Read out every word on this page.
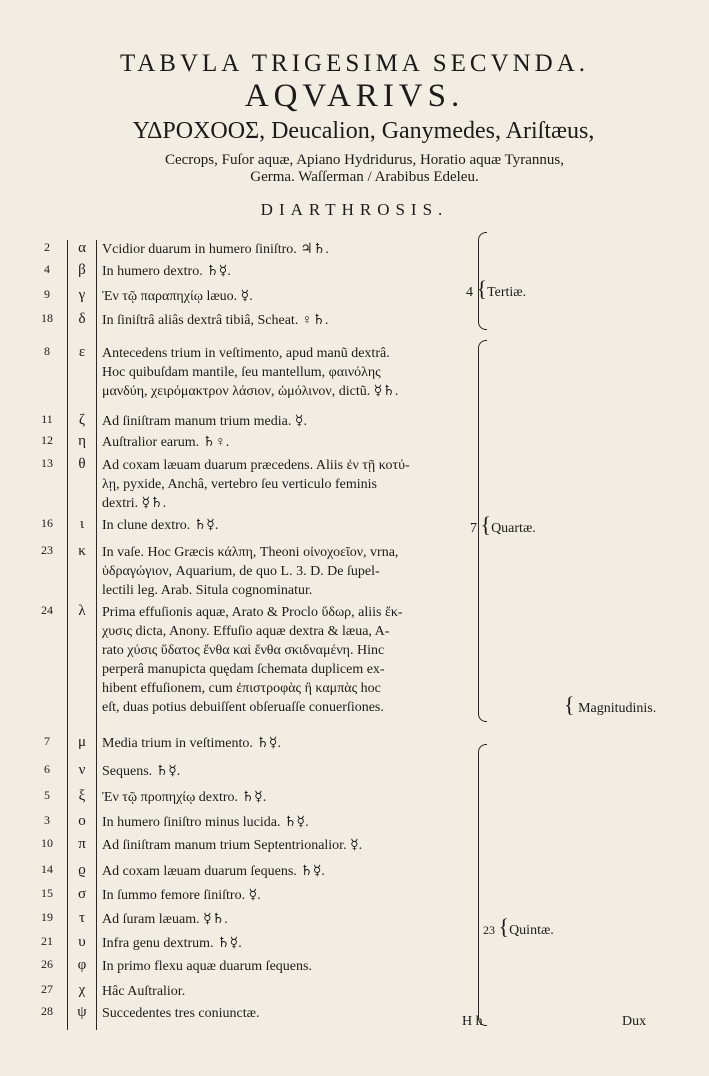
TABVLA TRIGESIMA SECVNDA.
AQVARIVS.
ΥΔΡΟΧΟΟΣ, Deucalion, Ganymedes, Ariſtæus,
Cecrops, Fuſor aquæ, Apiano Hydridurus, Horatio aquæ Tyrannus,
Germa. Waſſerman / Arabibus Edeleu.
DIARTHROSIS.
2	α	Vcidior duarum in humero ſiniſtro. ♃♄.
4	β	In humero dextro. ♄☿.
9	γ	Ἐν τῷ παραπηχίῳ læuo. ☿.
18	δ	In ſiniſtrâ aliâs dextrâ tibiâ, Scheat. ♀♄.
8	ε	Antecedens trium in veſtimento, apud manũ dextrâ.
Hoc quibuſdam mantile, ſeu mantellum, φαινόλης
μανδύη, χειρόμακτρον λάσιον, ὠμόλινον, dictũ. ☿♄.
11	ζ	Ad ſiniſtram manum trium media. ☿.
12	η	Auſtralior earum. ♄♀.
13	θ	Ad coxam læuam duarum præcedens. Aliis ἐν τῇ κοτύ-
λῃ, pyxide, Anchâ, vertebro ſeu verticulo feminis
dextri. ☿♄.
16	ι	In clune dextro. ♄☿.
23	κ	In vaſe. Hoc Græcis κάλπη, Theoni οἰνοχοεῖον, vrna,
ὑδραγώγιον, Aquarium, de quo L. 3. D. De ſupel-
lectili leg. Arab. Situla cognominatur.
24	λ	Prima effuſionis aquæ, Arato & Proclo ὕδωρ, aliis ἔκ-
χυσις dicta, Anony. Effuſio aquæ dextra & læua, A-
rato χύσις ὕδατος ἔνθα καὶ ἔνθα σκιδναμένη. Hinc
perperâ manupicta quędam ſchemata duplicem ex-
hibent effuſionem, cum ἐπιστροφὰς ἢ καμπὰς hoc
eſt, duas potius debuiſſent obſeruaſſe conuerſiones.
7	μ	Media trium in veſtimento. ♄☿.
6	ν	Sequens. ♄☿.
5	ξ	Ἐν τῷ προπηχίῳ dextro. ♄☿.
3	ο	In humero ſiniſtro minus lucida. ♄☿.
10	π	Ad ſiniſtram manum trium Septentrionalior. ☿.
14	ϱ	Ad coxam læuam duarum ſequens. ♄☿.
15	σ	In ſummo femore ſiniſtro. ☿.
19	τ	Ad ſuram læuam. ☿♄.
21	υ	Infra genu dextrum. ♄☿.
26	φ	In primo flexu aquæ duarum ſequens.
27	χ	Hâc Auſtralior.
28	ψ	Succedentes tres coniunctæ.
4 {Tertiæ.
7 {Quartæ.
{ Magnitudinis.
23 {Quintæ.
H h	Dux
